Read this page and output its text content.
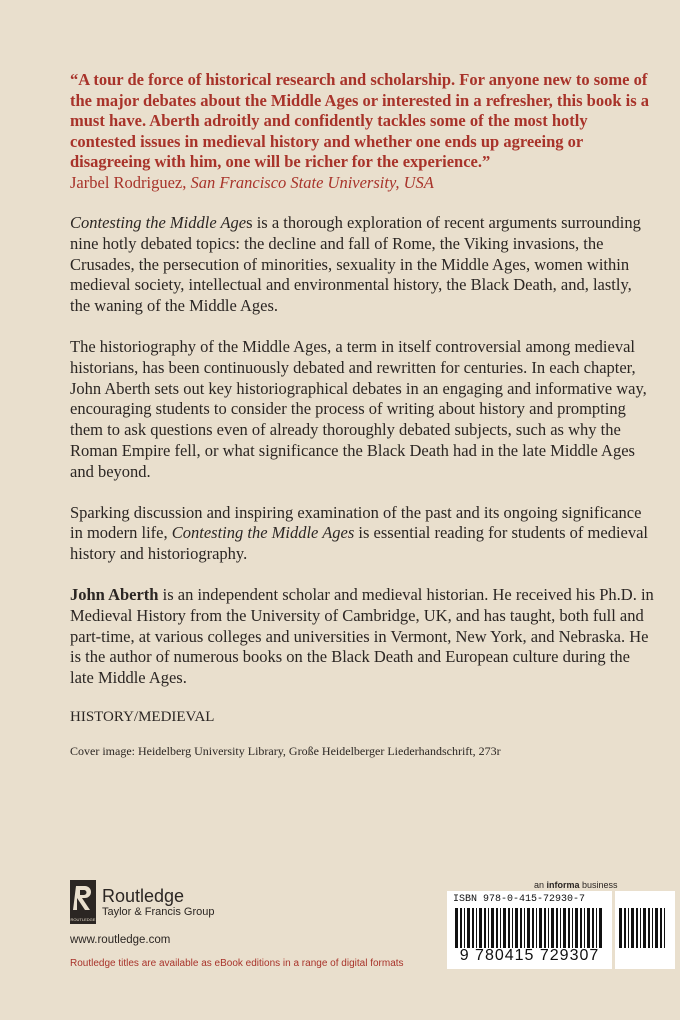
“A tour de force of historical research and scholarship. For anyone new to some of the major debates about the Middle Ages or interested in a refresher, this book is a must have. Aberth adroitly and confidently tackles some of the most hotly contested issues in medieval history and whether one ends up agreeing or disagreeing with him, one will be richer for the experience.”

Jarbel Rodriguez, San Francisco State University, USA

Contesting the Middle Ages is a thorough exploration of recent arguments surrounding nine hotly debated topics: the decline and fall of Rome, the Viking invasions, the Crusades, the persecution of minorities, sexuality in the Middle Ages, women within medieval society, intellectual and environmental history, the Black Death, and, lastly, the waning of the Middle Ages.

The historiography of the Middle Ages, a term in itself controversial among medieval historians, has been continuously debated and rewritten for centuries. In each chapter, John Aberth sets out key historiographical debates in an engaging and informative way, encouraging students to consider the process of writing about history and prompting them to ask questions even of already thoroughly debated subjects, such as why the Roman Empire fell, or what significance the Black Death had in the late Middle Ages and beyond.

Sparking discussion and inspiring examination of the past and its ongoing significance in modern life, Contesting the Middle Ages is essential reading for students of medieval history and historiography.

John Aberth is an independent scholar and medieval historian. He received his Ph.D. in Medieval History from the University of Cambridge, UK, and has taught, both full and part-time, at various colleges and universities in Vermont, New York, and Nebraska. He is the author of numerous books on the Black Death and European culture during the late Middle Ages.

HISTORY/MEDIEVAL

Cover image: Heidelberg University Library, Große Heidelberger Liederhandschrift, 273r

ROUTLEDGE
Routledge
Taylor & Francis Group
www.routledge.com
Routledge titles are available as eBook editions in a range of digital formats
an informa business
ISBN 978-0-415-72930-7
9 780415 729307
